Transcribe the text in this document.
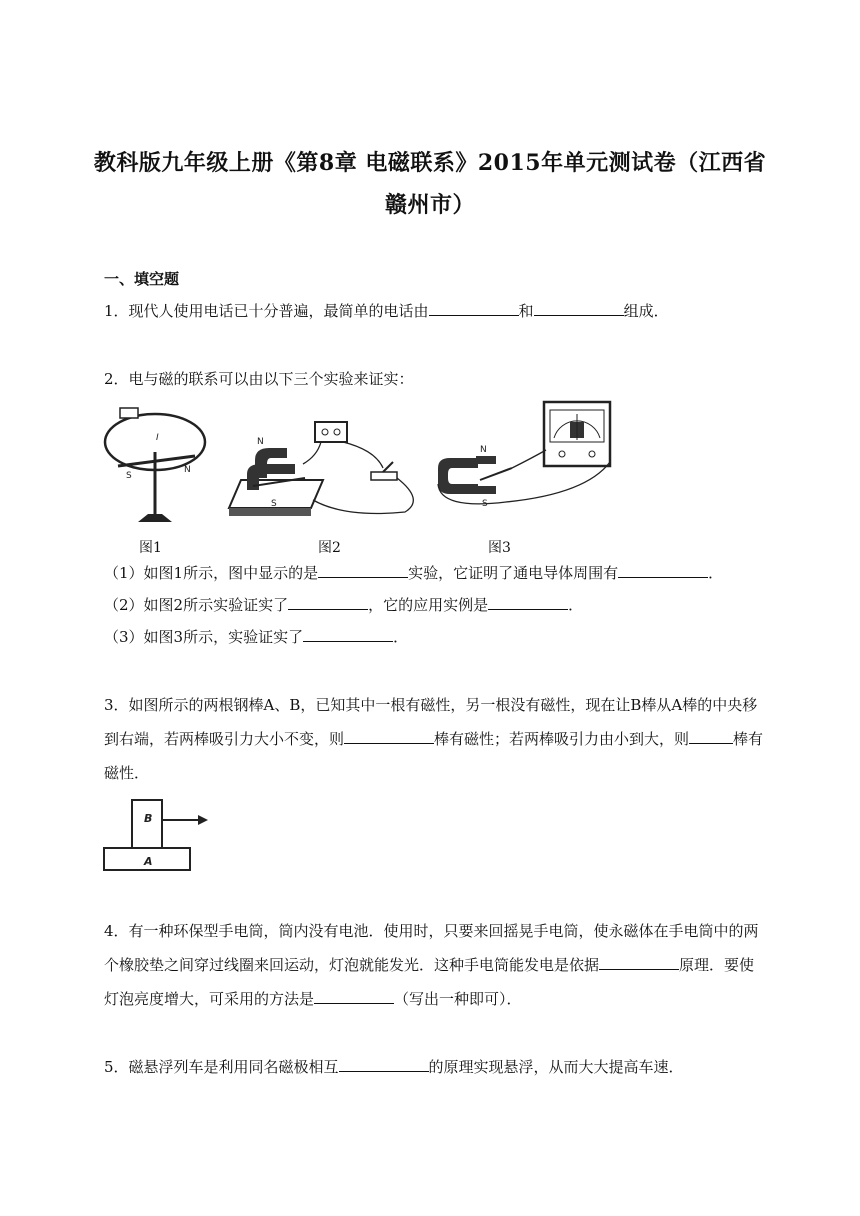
教科版九年级上册《第8章 电磁联系》2015年单元测试卷（江西省
赣州市）
一、填空题
1．现代人使用电话已十分普遍，最简单的电话由	和	组成．
2．电与磁的联系可以由以下三个实验来证实：
S
N
I	N
S
N
S
图1	图2	图3
（1）如图1所示，图中显示的是	实验，它证明了通电导体周围有	．
（2）如图2所示实验证实了	，它的应用实例是	．
（3）如图3所示，实验证实了	．
3．如图所示的两根钢棒A、B，已知其中一根有磁性，另一根没有磁性，现在让B棒从A棒的中央移到右端，若两棒吸引力大小不变，则	棒有磁性；若两棒吸引力由小到大，则	棒有磁性．
B
A
4．有一种环保型手电筒，筒内没有电池．使用时，只要来回摇晃手电筒，使永磁体在手电筒中的两个橡胶垫之间穿过线圈来回运动，灯泡就能发光．这种手电筒能发电是依据	原理．要使灯泡亮度增大，可采用的方法是	（写出一种即可）．
5．磁悬浮列车是利用同名磁极相互	的原理实现悬浮，从而大大提高车速．
